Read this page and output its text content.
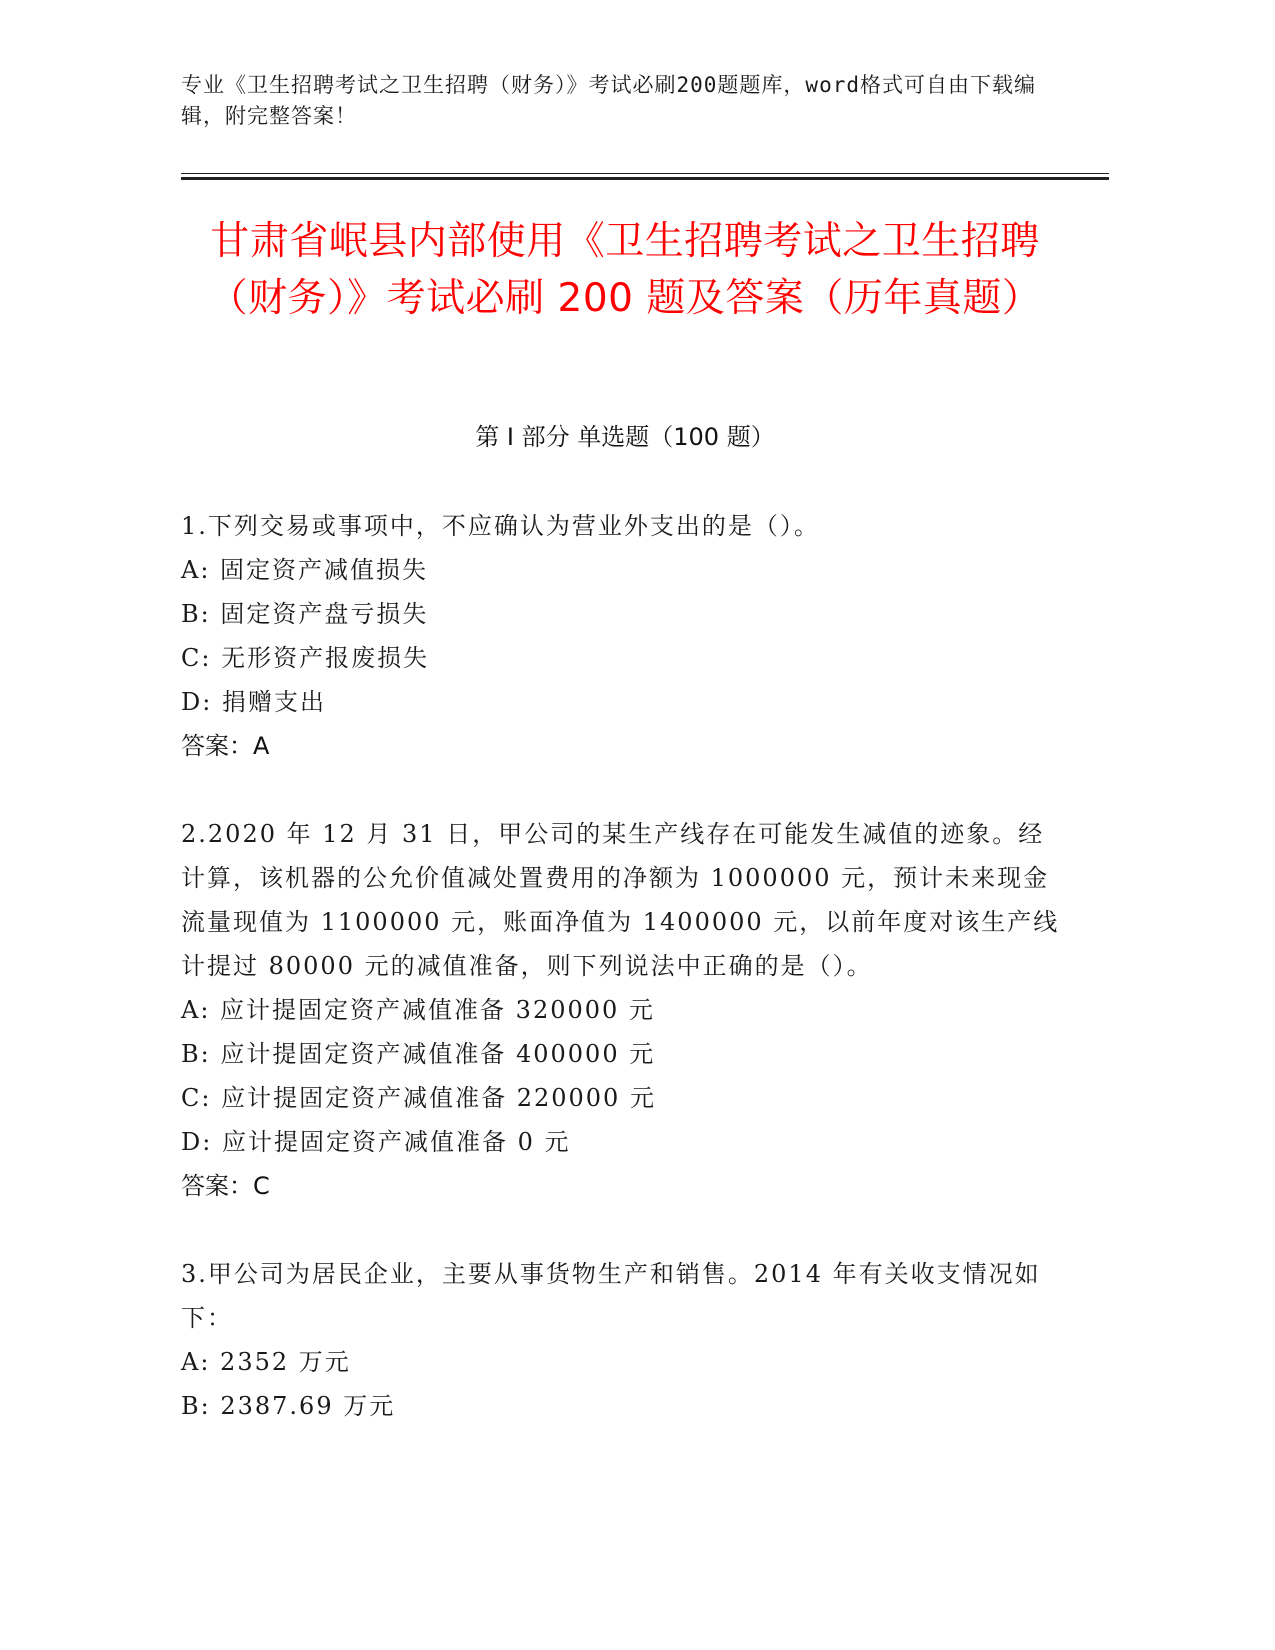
专业《卫生招聘考试之卫生招聘（财务）》考试必刷200题题库，word格式可自由下载编辑，附完整答案！
甘肃省岷县内部使用《卫生招聘考试之卫生招聘（财务）》考试必刷 200 题及答案（历年真题）
第 I 部分 单选题（100 题）
1.下列交易或事项中，不应确认为营业外支出的是（）。
A: 固定资产减值损失
B: 固定资产盘亏损失
C: 无形资产报废损失
D: 捐赠支出
答案：A
2.2020 年 12 月 31 日，甲公司的某生产线存在可能发生减值的迹象。经计算，该机器的公允价值减处置费用的净额为 1000000 元，预计未来现金流量现值为 1100000 元，账面净值为 1400000 元，以前年度对该生产线计提过 80000 元的减值准备，则下列说法中正确的是（）。
A: 应计提固定资产减值准备 320000 元
B: 应计提固定资产减值准备 400000 元
C: 应计提固定资产减值准备 220000 元
D: 应计提固定资产减值准备 0 元
答案：C
3.甲公司为居民企业，主要从事货物生产和销售。2014 年有关收支情况如下：
A: 2352 万元
B: 2387.69 万元
